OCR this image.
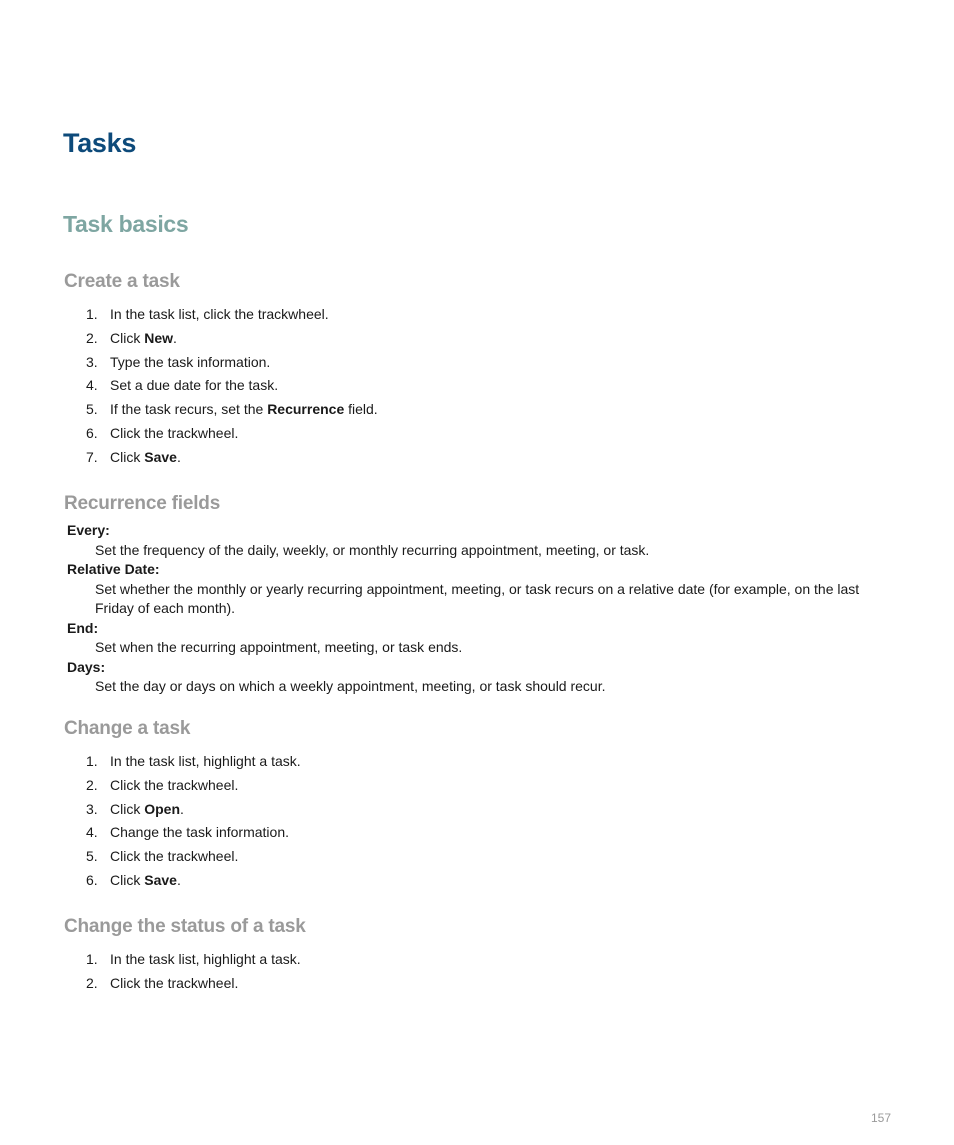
Tasks
Task basics
Create a task
1. In the task list, click the trackwheel.
2. Click New.
3. Type the task information.
4. Set a due date for the task.
5. If the task recurs, set the Recurrence field.
6. Click the trackwheel.
7. Click Save.
Recurrence fields
Every:
Set the frequency of the daily, weekly, or monthly recurring appointment, meeting, or task.
Relative Date:
Set whether the monthly or yearly recurring appointment, meeting, or task recurs on a relative date (for example, on the last Friday of each month).
End:
Set when the recurring appointment, meeting, or task ends.
Days:
Set the day or days on which a weekly appointment, meeting, or task should recur.
Change a task
1. In the task list, highlight a task.
2. Click the trackwheel.
3. Click Open.
4. Change the task information.
5. Click the trackwheel.
6. Click Save.
Change the status of a task
1. In the task list, highlight a task.
2. Click the trackwheel.
157
